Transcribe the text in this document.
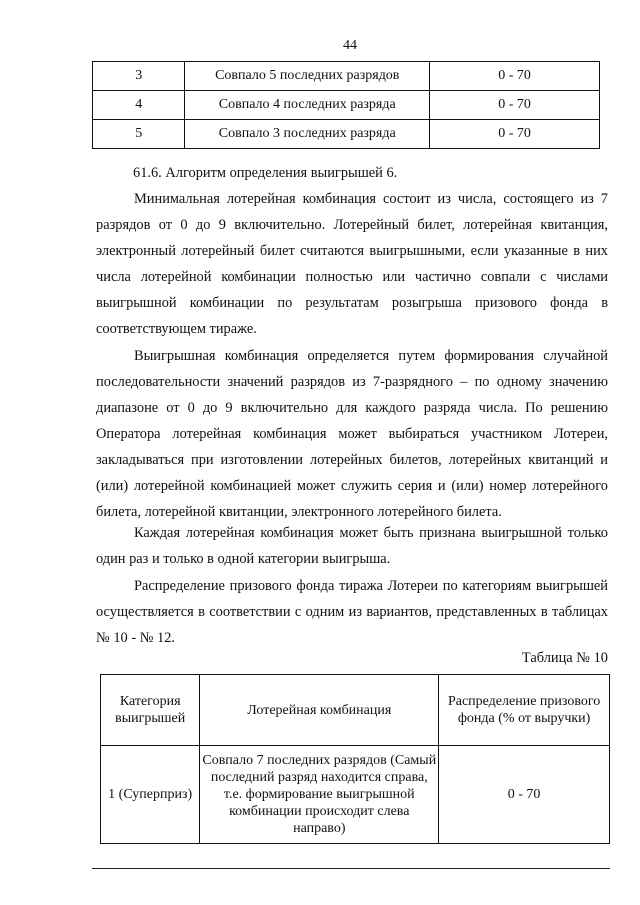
44
3	Совпало 5 последних разрядов	0 - 70
4	Совпало 4 последних разряда	0 - 70
5	Совпало 3 последних разряда	0 - 70

61.6. Алгоритм определения выигрышей 6.

Минимальная лотерейная комбинация состоит из числа, состоящего из 7 разрядов от 0 до 9 включительно. Лотерейный билет, лотерейная квитанция, электронный лотерейный билет считаются выигрышными, если указанные в них числа лотерейной комбинации полностью или частично совпали с числами выигрышной комбинации по результатам розыгрыша призового фонда в соответствующем тираже.

Выигрышная комбинация определяется путем формирования случайной последовательности значений разрядов из 7-разрядного – по одному значению диапазоне от 0 до 9 включительно для каждого разряда числа. По решению Оператора лотерейная комбинация может выбираться участником Лотереи, закладываться при изготовлении лотерейных билетов, лотерейных квитанций и (или) лотерейной комбинацией может служить серия и (или) номер лотерейного билета, лотерейной квитанции, электронного лотерейного билета.

Каждая лотерейная комбинация может быть признана выигрышной только один раз и только в одной категории выигрыша.

Распределение призового фонда тиража Лотереи по категориям выигрышей осуществляется в соответствии с одним из вариантов, представленных в таблицах № 10 - № 12.

Таблица № 10
Категория выигрышей	Лотерейная комбинация	Распределение призового фонда (% от выручки)
1 (Суперприз)	Совпало 7 последних разрядов (Самый последний разряд находится справа, т.е. формирование выигрышной комбинации происходит слева направо)	0 - 70
